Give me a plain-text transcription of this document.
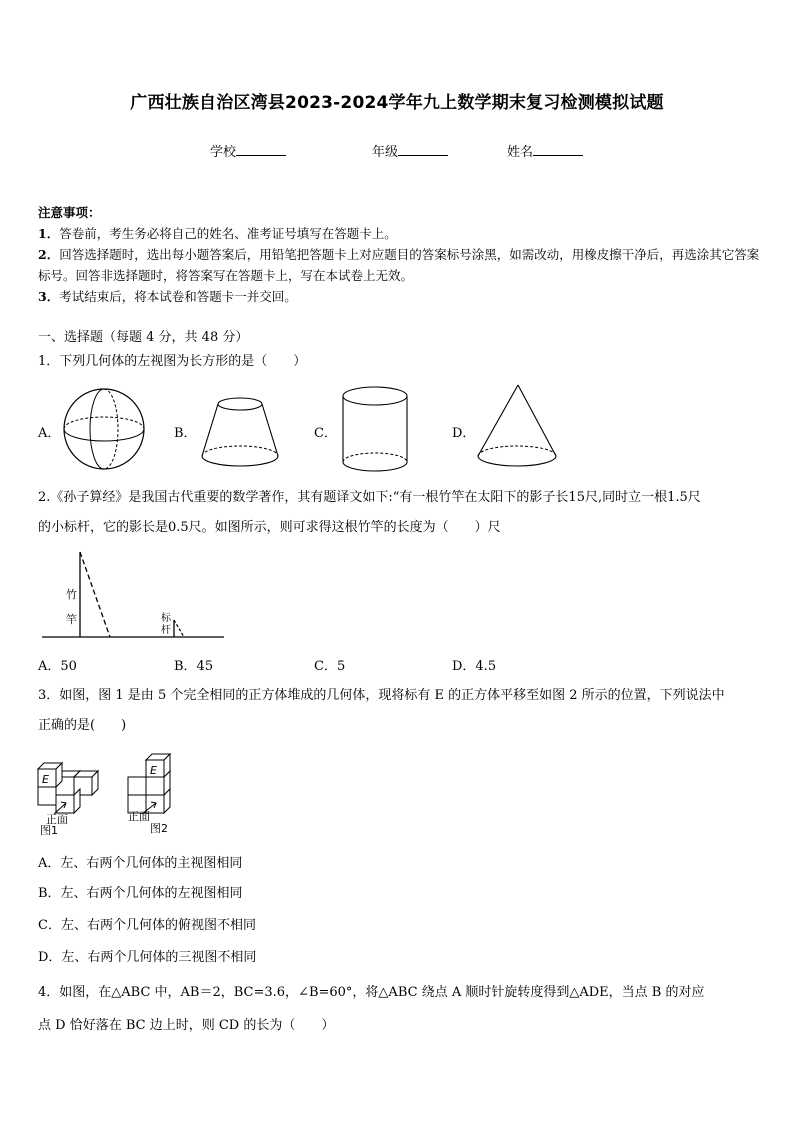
广西壮族自治区湾县2023-2024学年九上数学期末复习检测模拟试题
学校	年级	姓名

注意事项：

1．答卷前，考生务必将自己的姓名、准考证号填写在答题卡上。

2．回答选择题时，选出每小题答案后，用铅笔把答题卡上对应题目的答案标号涂黑，如需改动，用橡皮擦干净后，再选涂其它答案标号。回答非选择题时，将答案写在答题卡上，写在本试卷上无效。

3．考试结束后，将本试卷和答题卡一并交回。

一、选择题（每题 4 分，共 48 分）
1．下列几何体的左视图为长方形的是（　　）
A．	B．	C．	D．
2.《孙子算经》是我国古代重要的数学著作，其有题译文如下:“有一根竹竿在太阳下的影子长15尺,同时立一根1.5尺
的小标杆，它的影长是0.5尺。如图所示，则可求得这根竹竿的长度为（　　）尺
竹
竿	标
杆
A．50	B．45	C．5	D．4.5
3．如图，图 1 是由 5 个完全相同的正方体堆成的几何体，现将标有 E 的正方体平移至如图 2 所示的位置，下列说法中
正确的是(　　)
E
E
正面	正面
图1	图2
A．左、右两个几何体的主视图相同
B．左、右两个几何体的左视图相同
C．左、右两个几何体的俯视图不相同
D．左、右两个几何体的三视图不相同
4．如图，在△ABC 中，AB＝2，BC=3.6，∠B=60°，将△ABC 绕点 A 顺时针旋转度得到△ADE，当点 B 的对应
点 D 恰好落在 BC 边上时，则 CD 的长为（　　）
